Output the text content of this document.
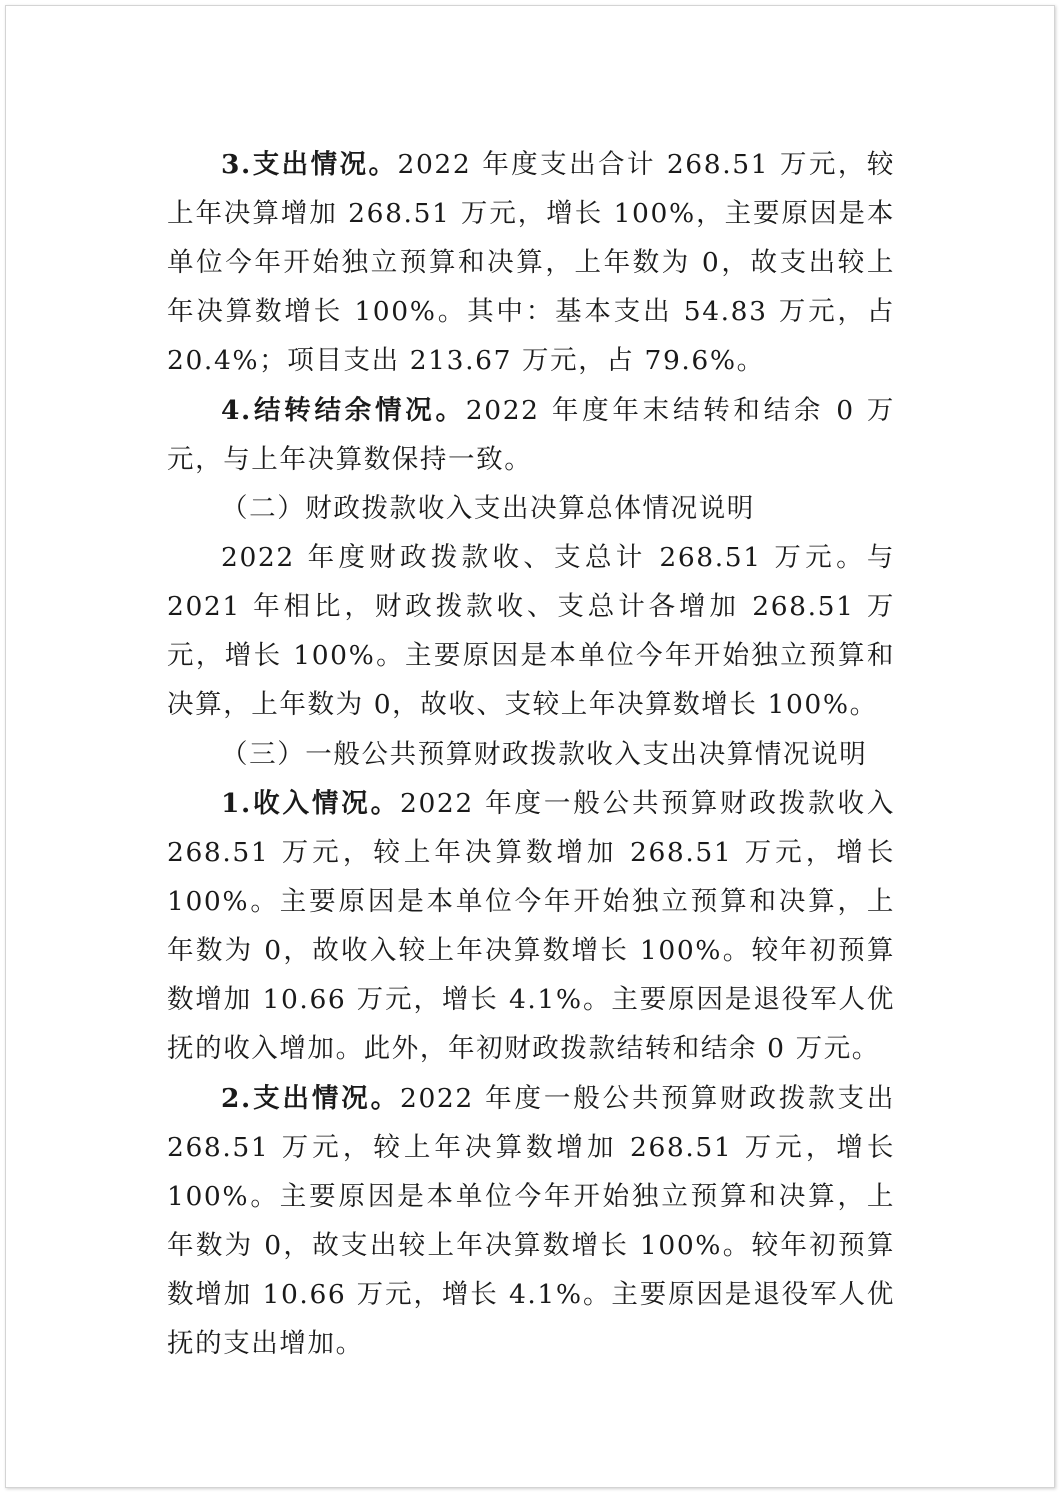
3.支出情况。2022 年度支出合计 268.51 万元，较上年决算增加 268.51 万元，增长 100%，主要原因是本单位今年开始独立预算和决算，上年数为 0，故支出较上年决算数增长 100%。其中：基本支出 54.83 万元，占 20.4%；项目支出 213.67 万元，占 79.6%。

4.结转结余情况。2022 年度年末结转和结余 0 万元，与上年决算数保持一致。

（二）财政拨款收入支出决算总体情况说明

2022 年度财政拨款收、支总计 268.51 万元。与 2021 年相比，财政拨款收、支总计各增加 268.51 万元，增长 100%。主要原因是本单位今年开始独立预算和决算，上年数为 0，故收、支较上年决算数增长 100%。

（三）一般公共预算财政拨款收入支出决算情况说明

1.收入情况。2022 年度一般公共预算财政拨款收入 268.51 万元，较上年决算数增加 268.51 万元，增长 100%。主要原因是本单位今年开始独立预算和决算，上年数为 0，故收入较上年决算数增长 100%。较年初预算数增加 10.66 万元，增长 4.1%。主要原因是退役军人优抚的收入增加。此外，年初财政拨款结转和结余 0 万元。

2.支出情况。2022 年度一般公共预算财政拨款支出 268.51 万元，较上年决算数增加 268.51 万元，增长 100%。主要原因是本单位今年开始独立预算和决算，上年数为 0，故支出较上年决算数增长 100%。较年初预算数增加 10.66 万元，增长 4.1%。主要原因是退役军人优抚的支出增加。
